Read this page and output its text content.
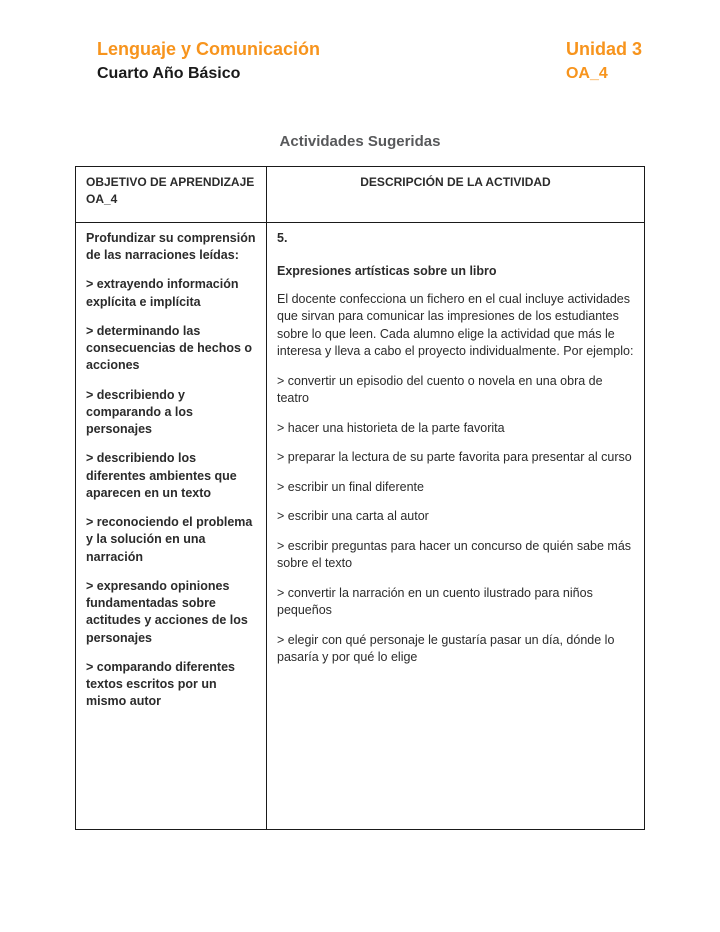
Lenguaje y Comunicación
Cuarto Año Básico
Unidad 3
OA_4
Actividades Sugeridas
OBJETIVO DE APRENDIZAJE OA_4
DESCRIPCIÓN DE LA ACTIVIDAD

Profundizar su comprensión de las narraciones leídas:

> extrayendo información explícita e implícita

> determinando las consecuencias de hechos o acciones

> describiendo y comparando a los personajes

> describiendo los diferentes ambientes que aparecen en un texto

> reconociendo el problema y la solución en una narración

> expresando opiniones fundamentadas sobre actitudes y acciones de los personajes

> comparando diferentes textos escritos por un mismo autor

5.

Expresiones artísticas sobre un libro

El docente confecciona un fichero en el cual incluye actividades que sirvan para comunicar las impresiones de los estudiantes sobre lo que leen. Cada alumno elige la actividad que más le interesa y lleva a cabo el proyecto individualmente. Por ejemplo:

> convertir un episodio del cuento o novela en una obra de teatro

> hacer una historieta de la parte favorita

> preparar la lectura de su parte favorita para presentar al curso

> escribir un final diferente

> escribir una carta al autor

> escribir preguntas para hacer un concurso de quién sabe más sobre el texto

> convertir la narración en un cuento ilustrado para niños pequeños

> elegir con qué personaje le gustaría pasar un día, dónde lo pasaría y por qué lo elige
